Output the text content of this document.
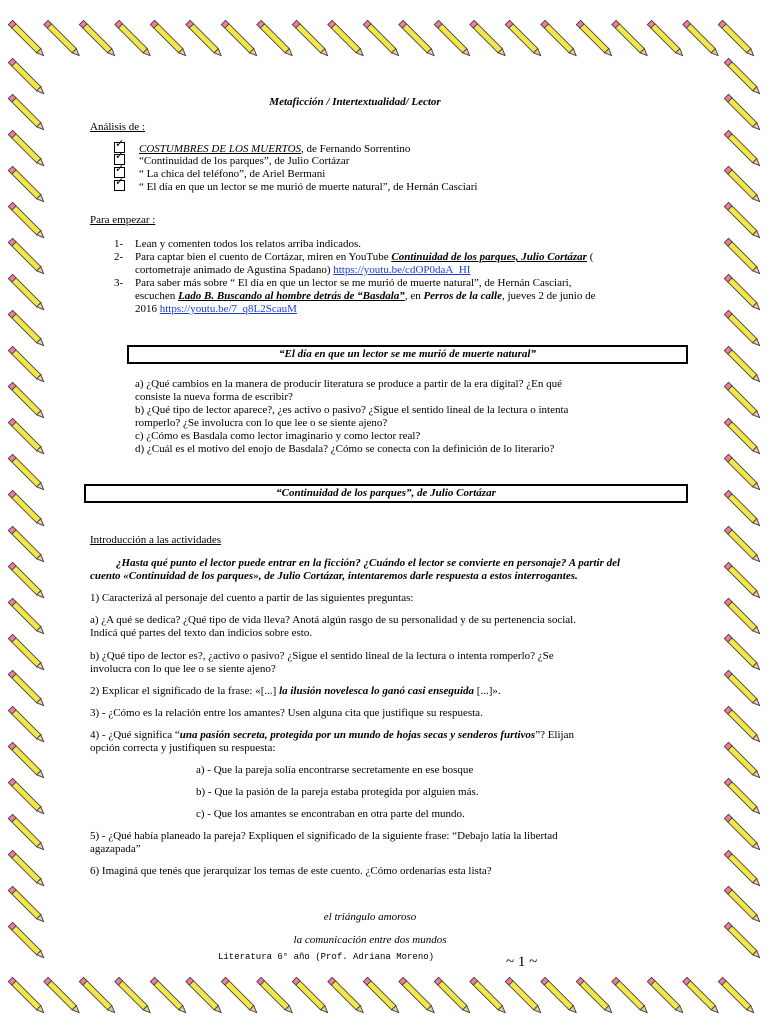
Metaficción / Intertextualidad/ Lector
Análisis de :
✓COSTUMBRES DE LOS MUERTOS, de Fernando Sorrentino
✓“Continuidad de los parques”, de Julio Cortázar
✓“ La chica del teléfono”, de Ariel Bermani
✓“ El día en que un lector se me murió de muerte natural”, de Hernán Casciari
Para empezar :
1- Lean y comenten todos los relatos arriba indicados.
2- Para captar bien el cuento de Cortázar, miren en YouTube Continuidad de los parques, Julio Cortázar (
cortometraje animado de Agustina Spadano) https://youtu.be/cdOP0daA_HI
3- Para saber más sobre “ El día en que un lector se me murió de muerte natural”, de Hernán Casciari,
escuchen Lado B. Buscando al hombre detrás de “Basdala”, en Perros de la calle, jueves 2 de junio de
2016 https://youtu.be/7_q8L2ScauM
“El día en que un lector se me murió de muerte natural”
a) ¿Qué cambios en la manera de producir literatura se produce a partir de la era digital? ¿En qué
consiste la nueva forma de escribir?
b) ¿Qué tipo de lector aparece?, ¿es activo o pasivo? ¿Sigue el sentido lineal de la lectura o intenta
romperlo? ¿Se involucra con lo que lee o se siente ajeno?
c) ¿Cómo es Basdala como lector imaginario y como lector real?
d) ¿Cuál es el motivo del enojo de Basdala? ¿Cómo se conecta con la definición de lo literario?
“Continuidad de los parques”, de Julio Cortázar
Introducción a las actividades
¿Hasta qué punto el lector puede entrar en la ficción? ¿Cuándo el lector se convierte en personaje? A partir del
cuento «Continuidad de los parques», de Julio Cortázar, intentaremos darle respuesta a estos interrogantes.
1) Caracterizá al personaje del cuento a partir de las siguientes preguntas:
a) ¿A qué se dedica? ¿Qué tipo de vida lleva? Anotá algún rasgo de su personalidad y de su pertenencia social.
Indicá qué partes del texto dan indicios sobre esto.
b) ¿Qué tipo de lector es?, ¿activo o pasivo? ¿Sigue el sentido lineal de la lectura o intenta romperlo? ¿Se
involucra con lo que lee o se siente ajeno?
2) Explicar el significado de la frase: «[...] la ilusión novelesca lo ganó casi enseguida [...]».
3) - ¿Cómo es la relación entre los amantes? Usen alguna cita que justifique su respuesta.
4) - ¿Qué significa “una pasión secreta, protegida por un mundo de hojas secas y senderos furtivos”? Elijan
opción correcta y justifiquen su respuesta:
a) - Que la pareja solía encontrarse secretamente en ese bosque
b) - Que la pasión de la pareja estaba protegida por alguien más.
c) - Que los amantes se encontraban en otra parte del mundo.
5) - ¿Qué había planeado la pareja? Expliquen el significado de la siguiente frase: “Debajo latía la libertad
agazapada”
6) Imaginá que tenés que jerarquizar los temas de este cuento. ¿Cómo ordenarías esta lista?
el triángulo amoroso
la comunicación entre dos mundos
Literatura 6° año (Prof. Adriana Moreno)	~ 1 ~
